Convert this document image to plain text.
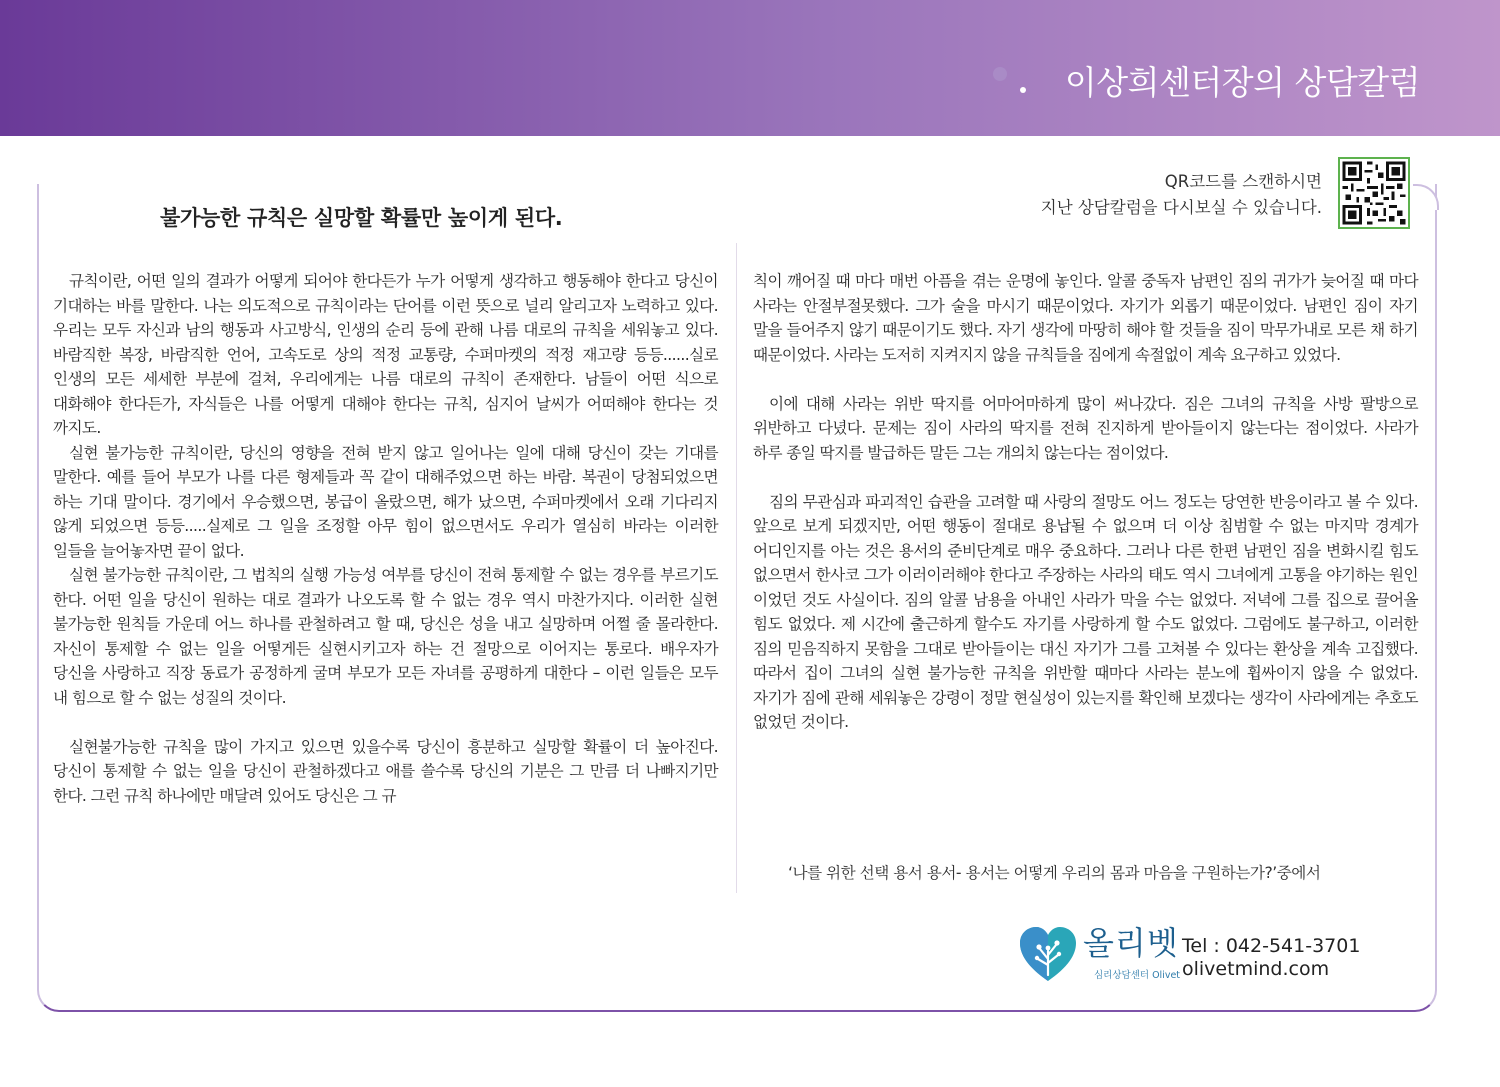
이상희센터장의 상담칼럼
QR코드를 스캔하시면
지난 상담칼럼을 다시보실 수 있습니다.
불가능한 규칙은 실망할 확률만 높이게 된다.

규칙이란, 어떤 일의 결과가 어떻게 되어야 한다든가 누가 어떻게 생각하고 행동해야 한다고 당신이 기대하는 바를 말한다. 나는 의도적으로 규칙이라는 단어를 이런 뜻으로 널리 알리고자 노력하고 있다. 우리는 모두 자신과 남의 행동과 사고방식, 인생의 순리 등에 관해 나름 대로의 규칙을 세워놓고 있다. 바람직한 복장, 바람직한 언어, 고속도로 상의 적정 교통량, 수퍼마켓의 적정 재고량 등등......실로 인생의 모든 세세한 부분에 걸쳐, 우리에게는 나름 대로의 규칙이 존재한다. 남들이 어떤 식으로 대화해야 한다든가, 자식들은 나를 어떻게 대해야 한다는 규칙, 심지어 날씨가 어떠해야 한다는 것 까지도.

실현 불가능한 규칙이란, 당신의 영향을 전혀 받지 않고 일어나는 일에 대해 당신이 갖는 기대를 말한다. 예를 들어 부모가 나를 다른 형제들과 꼭 같이 대해주었으면 하는 바람. 복권이 당첨되었으면 하는 기대 말이다. 경기에서 우승했으면, 봉급이 올랐으면, 해가 났으면, 수퍼마켓에서 오래 기다리지 않게 되었으면 등등.....실제로 그 일을 조정할 아무 힘이 없으면서도 우리가 열심히 바라는 이러한 일들을 늘어놓자면 끝이 없다.

실현 불가능한 규칙이란, 그 법칙의 실행 가능성 여부를 당신이 전혀 통제할 수 없는 경우를 부르기도 한다. 어떤 일을 당신이 원하는 대로 결과가 나오도록 할 수 없는 경우 역시 마찬가지다. 이러한 실현 불가능한 원칙들 가운데 어느 하나를 관철하려고 할 때, 당신은 성을 내고 실망하며 어쩔 줄 몰라한다. 자신이 통제할 수 없는 일을 어떻게든 실현시키고자 하는 건 절망으로 이어지는 통로다. 배우자가 당신을 사랑하고 직장 동료가 공정하게 굴며 부모가 모든 자녀를 공평하게 대한다 – 이런 일들은 모두 내 힘으로 할 수 없는 성질의 것이다.

실현불가능한 규칙을 많이 가지고 있으면 있을수록 당신이 흥분하고 실망할 확률이 더 높아진다. 당신이 통제할 수 없는 일을 당신이 관철하겠다고 애를 쓸수록 당신의 기분은 그 만큼 더 나빠지기만 한다. 그런 규칙 하나에만 매달려 있어도 당신은 그 규

칙이 깨어질 때 마다 매번 아픔을 겪는 운명에 놓인다. 알콜 중독자 남편인 짐의 귀가가 늦어질 때 마다 사라는 안절부절못했다. 그가 술을 마시기 때문이었다. 자기가 외롭기 때문이었다. 남편인 짐이 자기 말을 들어주지 않기 때문이기도 했다. 자기 생각에 마땅히 해야 할 것들을 짐이 막무가내로 모른 채 하기 때문이었다. 사라는 도저히 지켜지지 않을 규칙들을 짐에게 속절없이 계속 요구하고 있었다.

이에 대해 사라는 위반 딱지를 어마어마하게 많이 써나갔다. 짐은 그녀의 규칙을 사방 팔방으로 위반하고 다녔다. 문제는 짐이 사라의 딱지를 전혀 진지하게 받아들이지 않는다는 점이었다. 사라가 하루 종일 딱지를 발급하든 말든 그는 개의치 않는다는 점이었다.

짐의 무관심과 파괴적인 습관을 고려할 때 사랑의 절망도 어느 정도는 당연한 반응이라고 볼 수 있다. 앞으로 보게 되겠지만, 어떤 행동이 절대로 용납될 수 없으며 더 이상 침범할 수 없는 마지막 경계가 어디인지를 아는 것은 용서의 준비단계로 매우 중요하다. 그러나 다른 한편 남편인 짐을 변화시킬 힘도 없으면서 한사코 그가 이러이러해야 한다고 주장하는 사라의 태도 역시 그녀에게 고통을 야기하는 원인 이었던 것도 사실이다. 짐의 알콜 남용을 아내인 사라가 막을 수는 없었다. 저녁에 그를 집으로 끌어올 힘도 없었다. 제 시간에 출근하게 할수도 자기를 사랑하게 할 수도 없었다. 그럼에도 불구하고, 이러한 짐의 믿음직하지 못함을 그대로 받아들이는 대신 자기가 그를 고쳐볼 수 있다는 환상을 계속 고집했다. 따라서 집이 그녀의 실현 불가능한 규칙을 위반할 때마다 사라는 분노에 휩싸이지 않을 수 없었다. 자기가 짐에 관해 세워놓은 강령이 정말 현실성이 있는지를 확인해 보겠다는 생각이 사라에게는 추호도 없었던 것이다.

‘나를 위한 선택 용서 용서- 용서는 어떻게 우리의 몸과 마음을 구원하는가?’중에서
올리벳
심리상담센터 Olivet
Tel : 042-541-3701
olivetmind.com
